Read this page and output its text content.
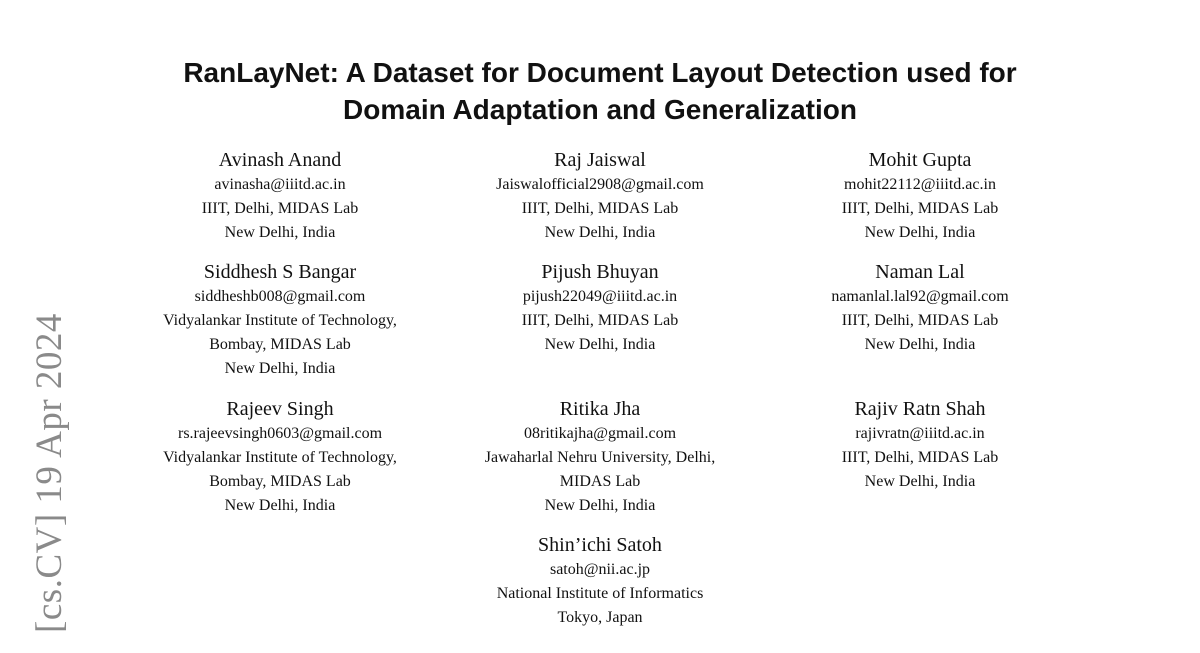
[cs.CV] 19 Apr 2024
RanLayNet: A Dataset for Document Layout Detection used for
Domain Adaptation and Generalization
Avinash Anand
avinasha@iiitd.ac.in
IIIT, Delhi, MIDAS Lab
New Delhi, India
Raj Jaiswal
Jaiswalofficial2908@gmail.com
IIIT, Delhi, MIDAS Lab
New Delhi, India
Mohit Gupta
mohit22112@iiitd.ac.in
IIIT, Delhi, MIDAS Lab
New Delhi, India
Siddhesh S Bangar
siddheshb008@gmail.com
Vidyalankar Institute of Technology,
Bombay, MIDAS Lab
New Delhi, India
Pijush Bhuyan
pijush22049@iiitd.ac.in
IIIT, Delhi, MIDAS Lab
New Delhi, India
Naman Lal
namanlal.lal92@gmail.com
IIIT, Delhi, MIDAS Lab
New Delhi, India
Rajeev Singh
rs.rajeevsingh0603@gmail.com
Vidyalankar Institute of Technology,
Bombay, MIDAS Lab
New Delhi, India
Ritika Jha
08ritikajha@gmail.com
Jawaharlal Nehru University, Delhi,
MIDAS Lab
New Delhi, India
Rajiv Ratn Shah
rajivratn@iiitd.ac.in
IIIT, Delhi, MIDAS Lab
New Delhi, India
Shin’ichi Satoh
satoh@nii.ac.jp
National Institute of Informatics
Tokyo, Japan
